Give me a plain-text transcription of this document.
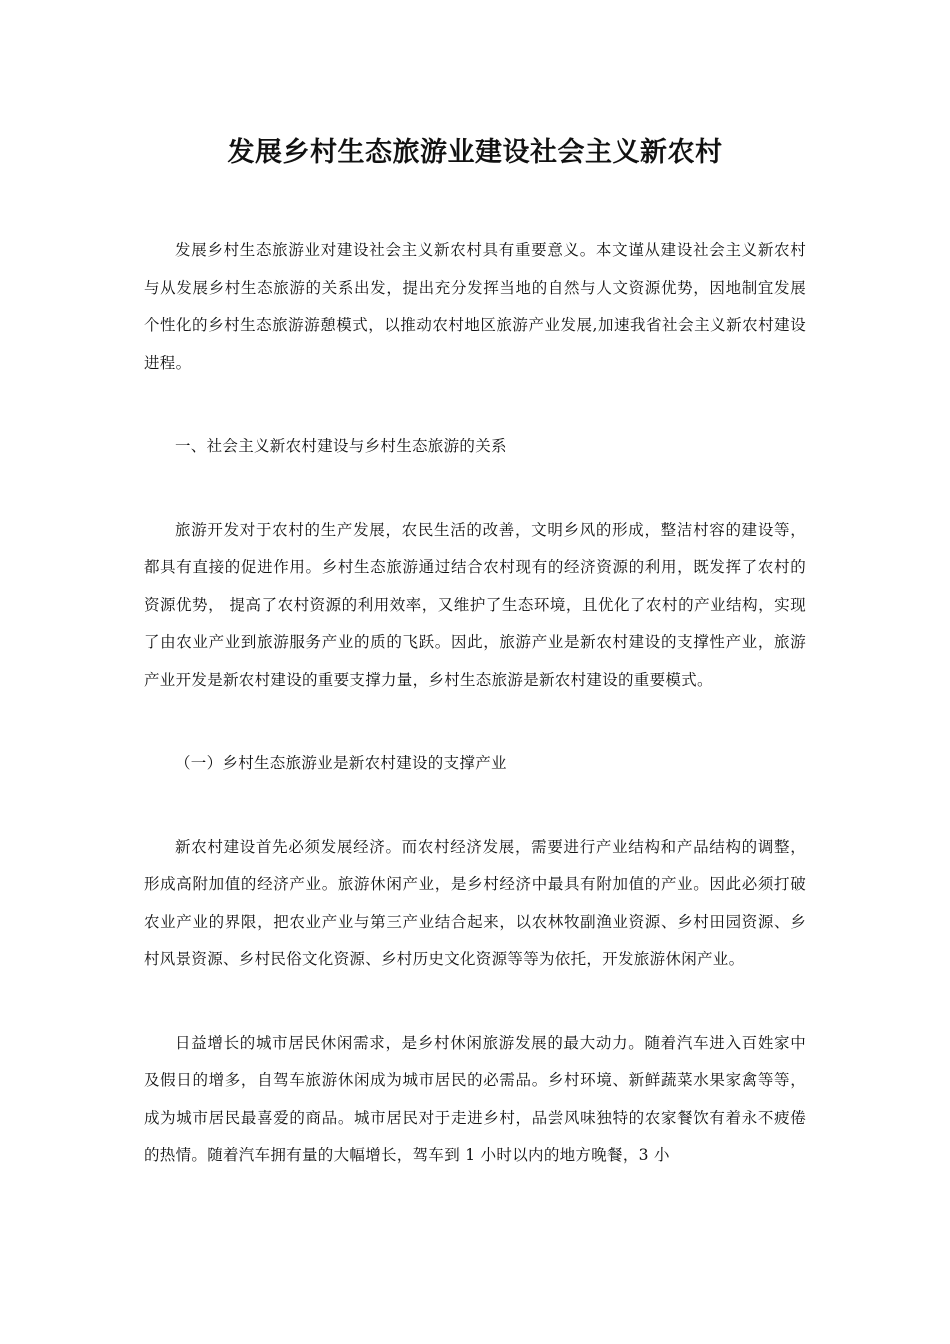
发展乡村生态旅游业建设社会主义新农村

发展乡村生态旅游业对建设社会主义新农村具有重要意义。本文谨从建设社会主义新农村与从发展乡村生态旅游的关系出发，提出充分发挥当地的自然与人文资源优势，因地制宜发展个性化的乡村生态旅游游憩模式，以推动农村地区旅游产业发展,加速我省社会主义新农村建设进程。

一、社会主义新农村建设与乡村生态旅游的关系

旅游开发对于农村的生产发展，农民生活的改善，文明乡风的形成，整洁村容的建设等，都具有直接的促进作用。乡村生态旅游通过结合农村现有的经济资源的利用，既发挥了农村的资源优势， 提高了农村资源的利用效率，又维护了生态环境，且优化了农村的产业结构，实现了由农业产业到旅游服务产业的质的飞跃。因此，旅游产业是新农村建设的支撑性产业，旅游产业开发是新农村建设的重要支撑力量，乡村生态旅游是新农村建设的重要模式。

（一）乡村生态旅游业是新农村建设的支撑产业

新农村建设首先必须发展经济。而农村经济发展，需要进行产业结构和产品结构的调整，形成高附加值的经济产业。旅游休闲产业，是乡村经济中最具有附加值的产业。因此必须打破农业产业的界限，把农业产业与第三产业结合起来，以农林牧副渔业资源、乡村田园资源、乡村风景资源、乡村民俗文化资源、乡村历史文化资源等等为依托，开发旅游休闲产业。

日益增长的城市居民休闲需求，是乡村休闲旅游发展的最大动力。随着汽车进入百姓家中及假日的增多，自驾车旅游休闲成为城市居民的必需品。乡村环境、新鲜蔬菜水果家禽等等，成为城市居民最喜爱的商品。城市居民对于走进乡村，品尝风味独特的农家餐饮有着永不疲倦的热情。随着汽车拥有量的大幅增长，驾车到 1 小时以内的地方晚餐，3 小
